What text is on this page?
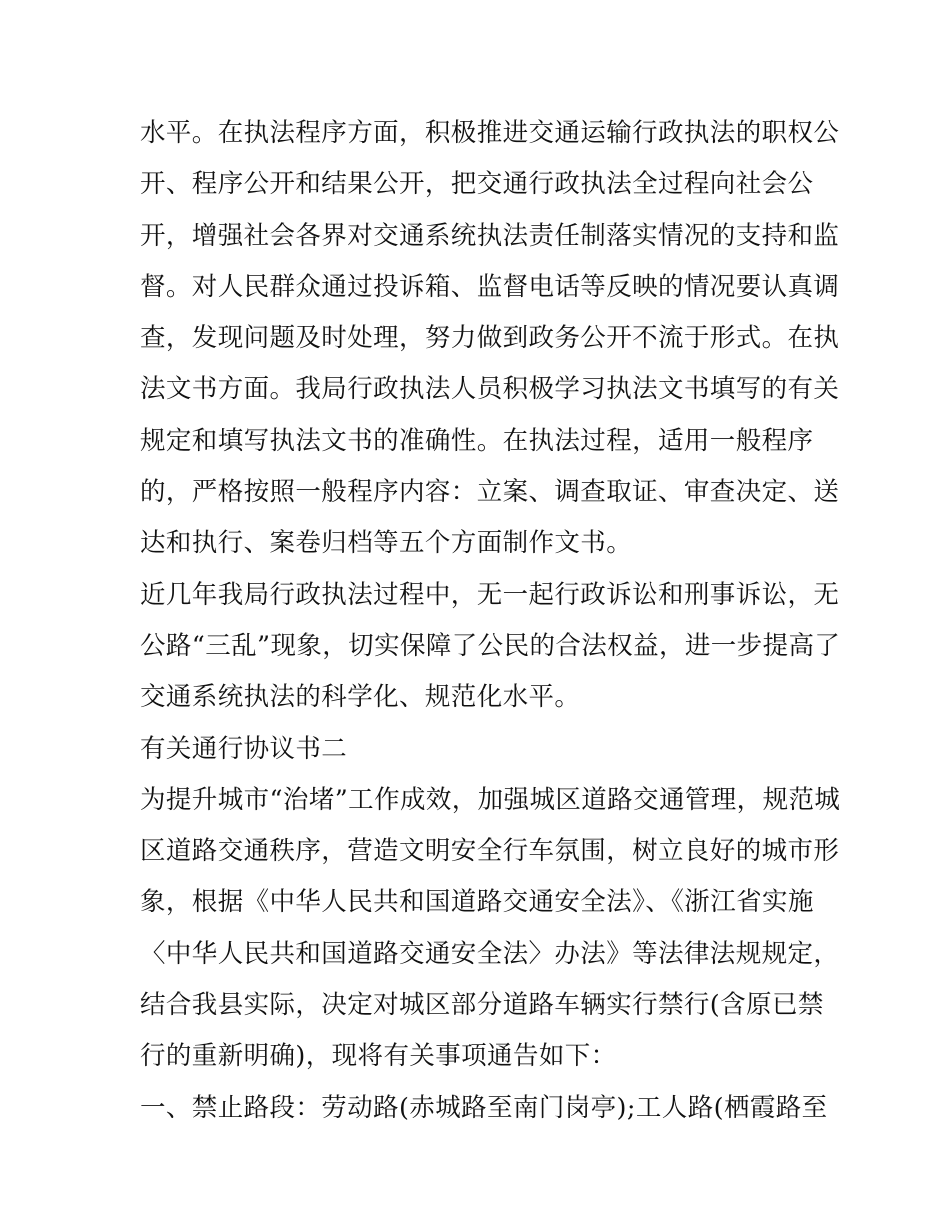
水平。在执法程序方面，积极推进交通运输行政执法的职权公
开、程序公开和结果公开，把交通行政执法全过程向社会公
开，增强社会各界对交通系统执法责任制落实情况的支持和监
督。对人民群众通过投诉箱、监督电话等反映的情况要认真调
查，发现问题及时处理，努力做到政务公开不流于形式。在执
法文书方面。我局行政执法人员积极学习执法文书填写的有关
规定和填写执法文书的准确性。在执法过程，适用一般程序
的，严格按照一般程序内容：立案、调查取证、审查决定、送
达和执行、案卷归档等五个方面制作文书。
近几年我局行政执法过程中，无一起行政诉讼和刑事诉讼，无
公路“三乱”现象，切实保障了公民的合法权益，进一步提高了
交通系统执法的科学化、规范化水平。
有关通行协议书二
为提升城市“治堵”工作成效，加强城区道路交通管理，规范城
区道路交通秩序，营造文明安全行车氛围，树立良好的城市形
象，根据《中华人民共和国道路交通安全法》、《浙江省实施
〈中华人民共和国道路交通安全法〉办法》等法律法规规定，
结合我县实际，决定对城区部分道路车辆实行禁行(含原已禁
行的重新明确)，现将有关事项通告如下：
一、禁止路段：劳动路(赤城路至南门岗亭);工人路(栖霞路至
